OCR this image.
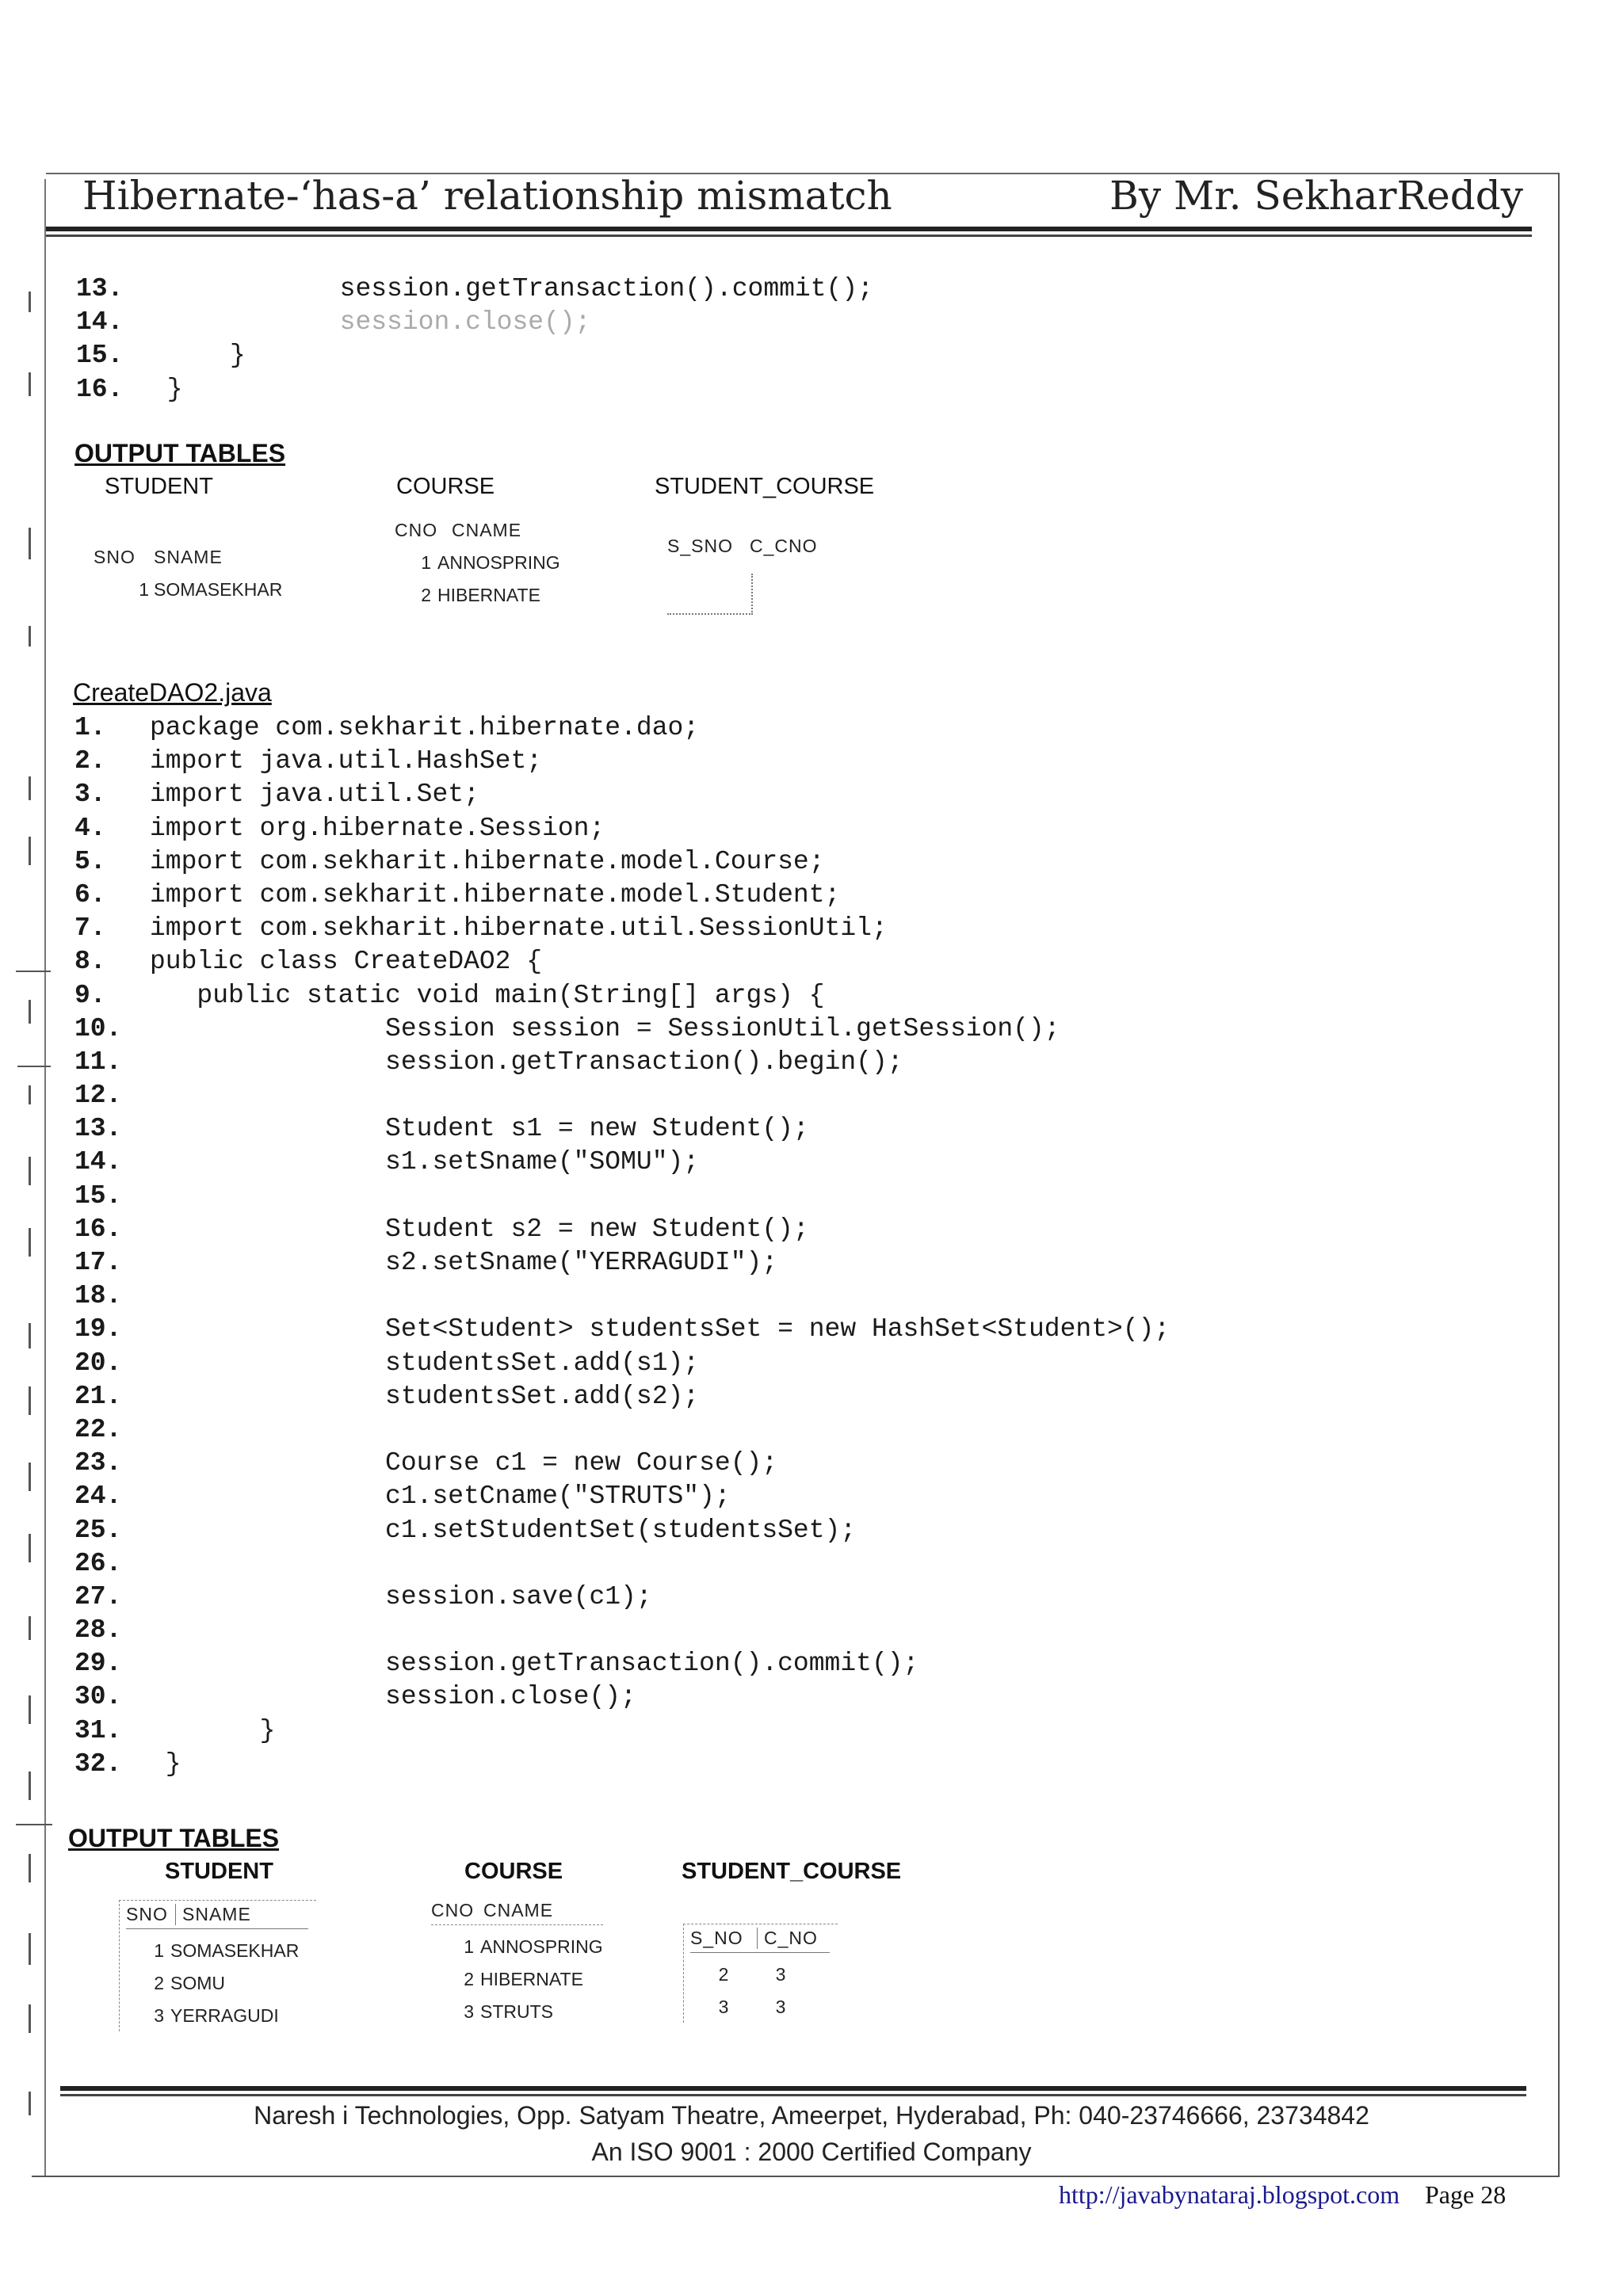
Hibernate-‘has-a’ relationship mismatch	By Mr. SekharReddy
13.            session.getTransaction().commit();
14.            session.close();
15.     }
16. }
OUTPUT TABLES
STUDENT	COURSE	STUDENT_COURSE
SNO SNAME
1 SOMASEKHAR
CNO CNAME
1 ANNOSPRING
2 HIBERNATE
S_SNO C_CNO
CreateDAO2.java
1. package com.sekharit.hibernate.dao;
2. import java.util.HashSet;
3. import java.util.Set;
4. import org.hibernate.Session;
5. import com.sekharit.hibernate.model.Course;
6. import com.sekharit.hibernate.model.Student;
7. import com.sekharit.hibernate.util.SessionUtil;
8. public class CreateDAO2 {
9.   public static void main(String[] args) {
10.               Session session = SessionUtil.getSession();
11.               session.getTransaction().begin();
12.
13.               Student s1 = new Student();
14.               s1.setSname("SOMU");
15.
16.               Student s2 = new Student();
17.               s2.setSname("YERRAGUDI");
18.
19.               Set<Student> studentsSet = new HashSet<Student>();
20.               studentsSet.add(s1);
21.               studentsSet.add(s2);
22.
23.               Course c1 = new Course();
24.               c1.setCname("STRUTS");
25.               c1.setStudentSet(studentsSet);
26.
27.               session.save(c1);
28.
29.               session.getTransaction().commit();
30.               session.close();
31.       }
32. }
OUTPUT TABLES
STUDENT	COURSE	STUDENT_COURSE
SNO SNAME
1 SOMASEKHAR
2 SOMU
3 YERRAGUDI
CNO CNAME
1 ANNOSPRING
2 HIBERNATE
3 STRUTS
S_NO C_NO
2	3
3	3
Naresh i Technologies, Opp. Satyam Theatre, Ameerpet, Hyderabad, Ph: 040-23746666, 23734842
An ISO 9001 : 2000 Certified Company
http://javabynataraj.blogspot.com Page 28
